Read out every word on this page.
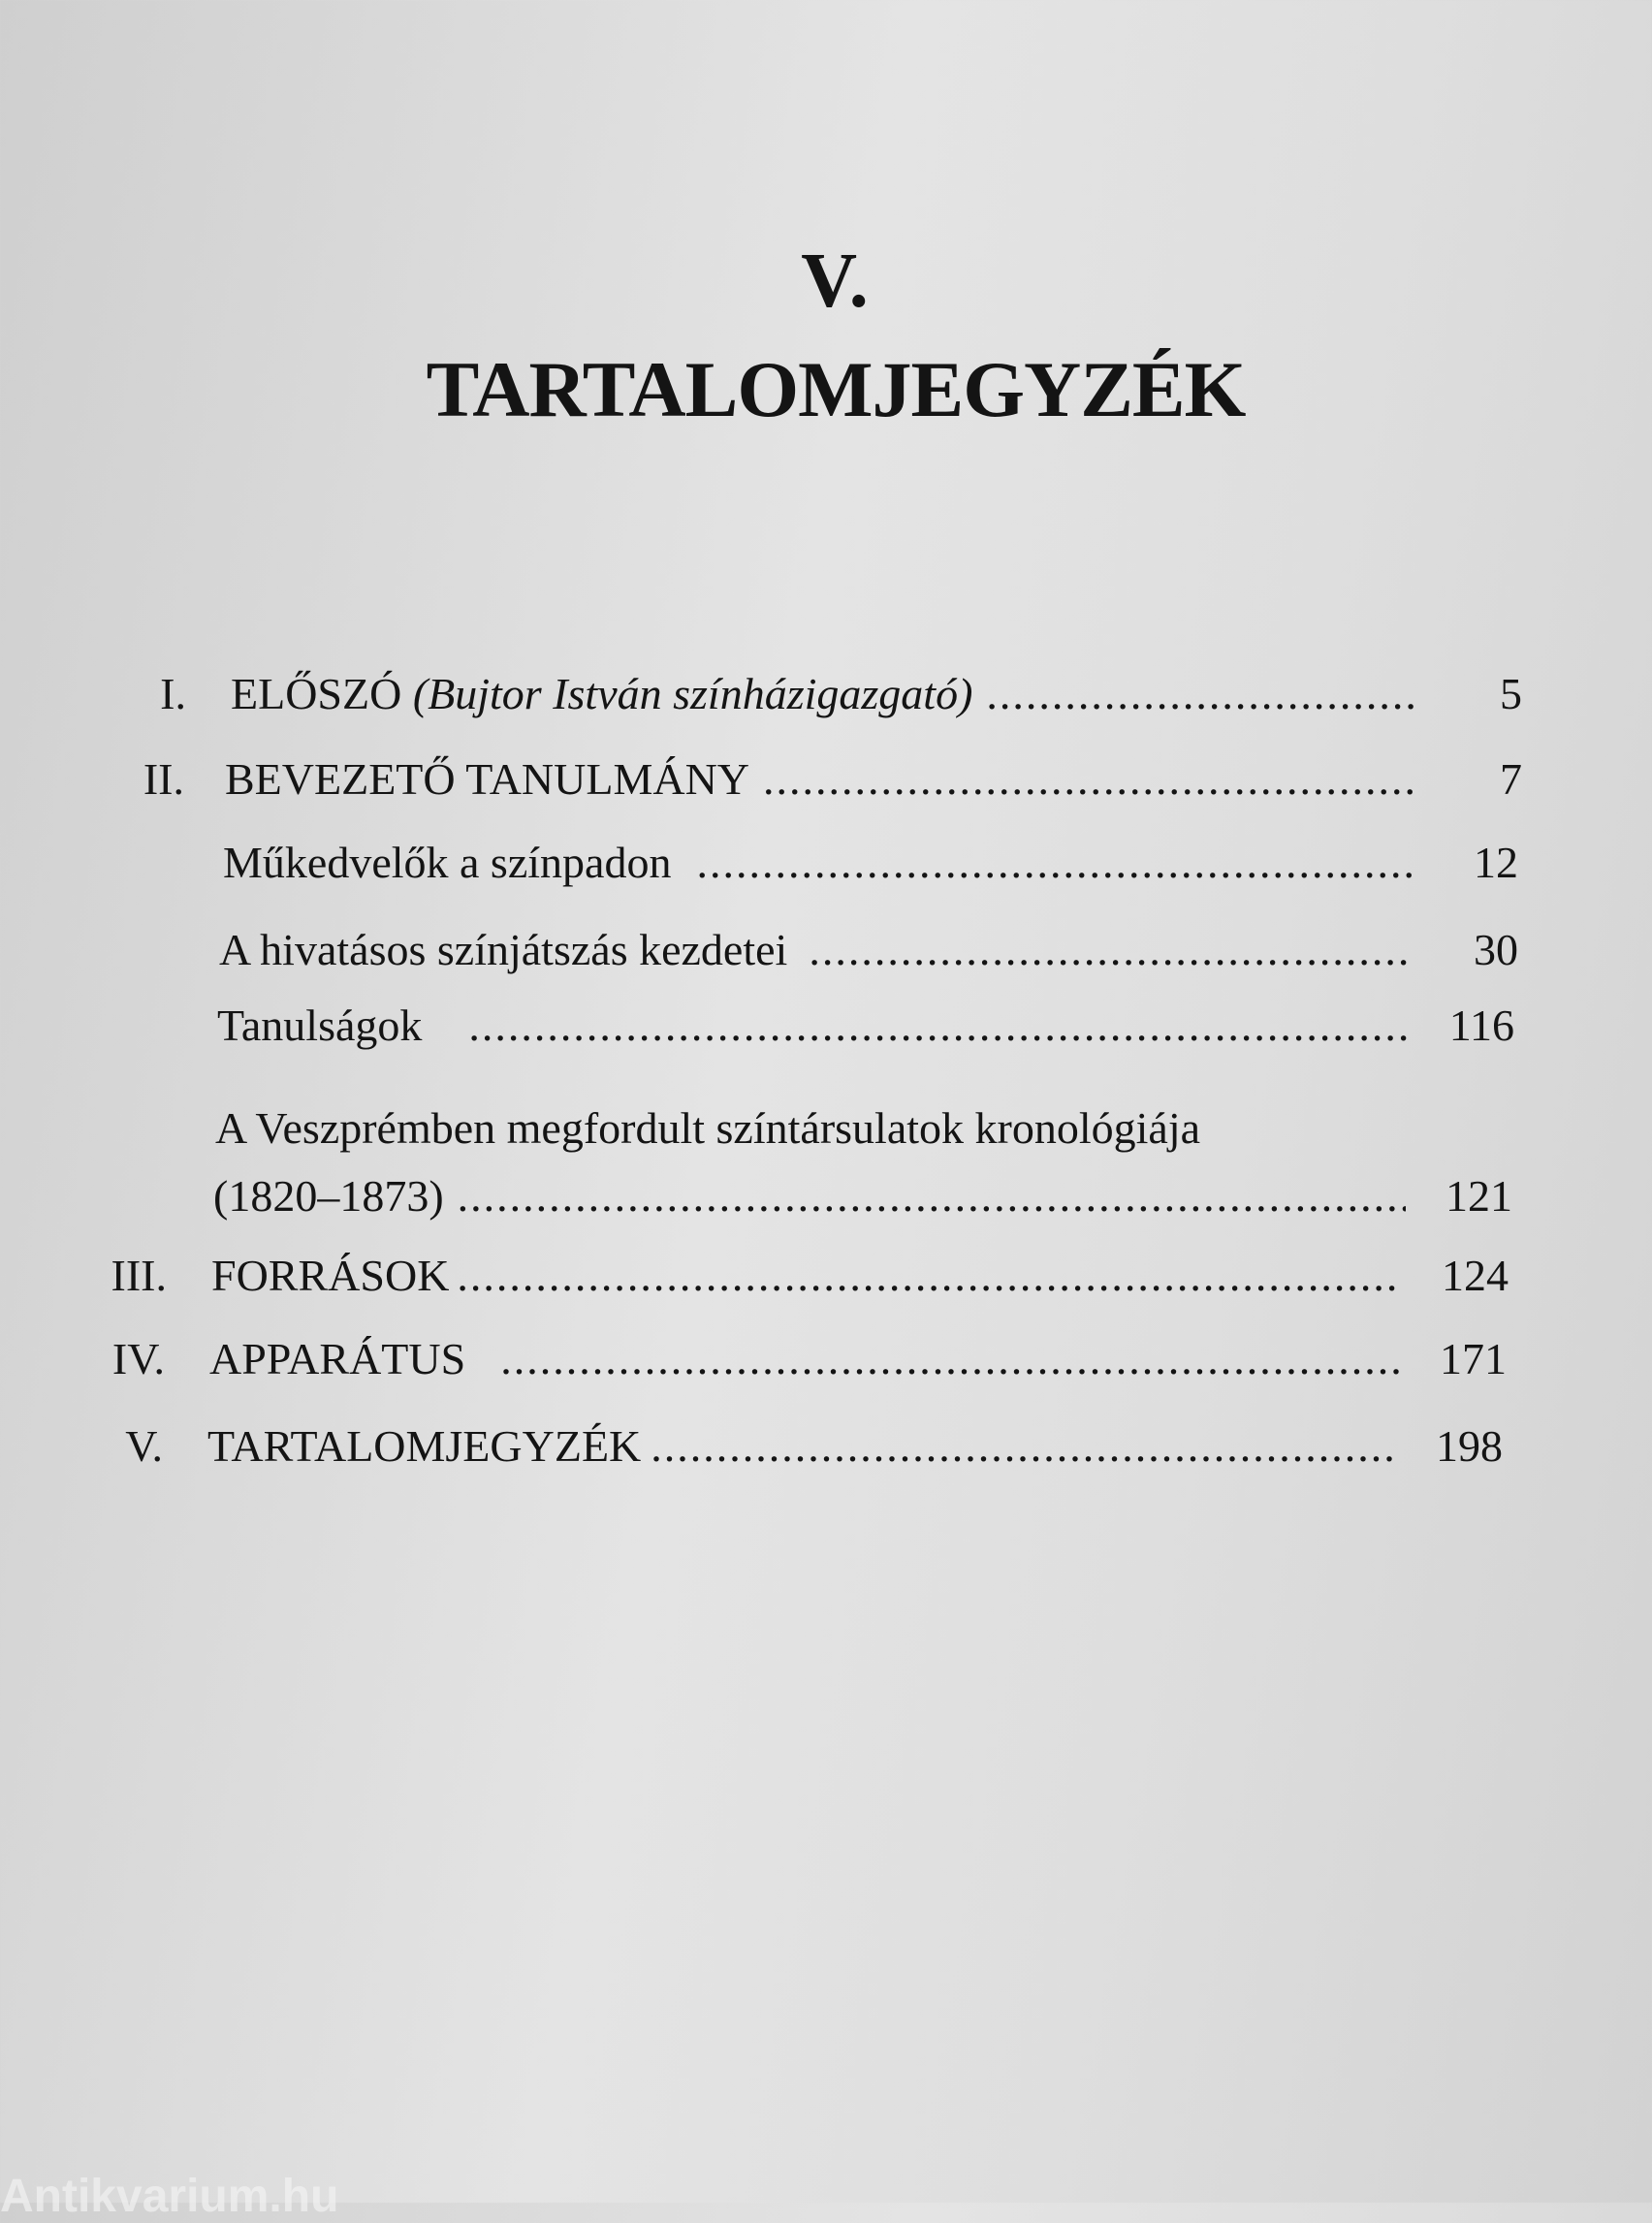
V.
TARTALOMJEGYZÉK
I. ELŐSZÓ (Bujtor István színházigazgató) .....	5
II. BEVEZETŐ TANULMÁNY .....	7
Műkedvelők a színpadon .....	12
A hivatásos színjátszás kezdetei .....	30
Tanulságok .....	116
A Veszprémben megfordult színtársulatok kronológiája
(1820–1873) .....	121
III. FORRÁSOK .....	124
IV. APPARÁTUS .....	171
V. TARTALOMJEGYZÉK .....	198
Antikvarium.hu
